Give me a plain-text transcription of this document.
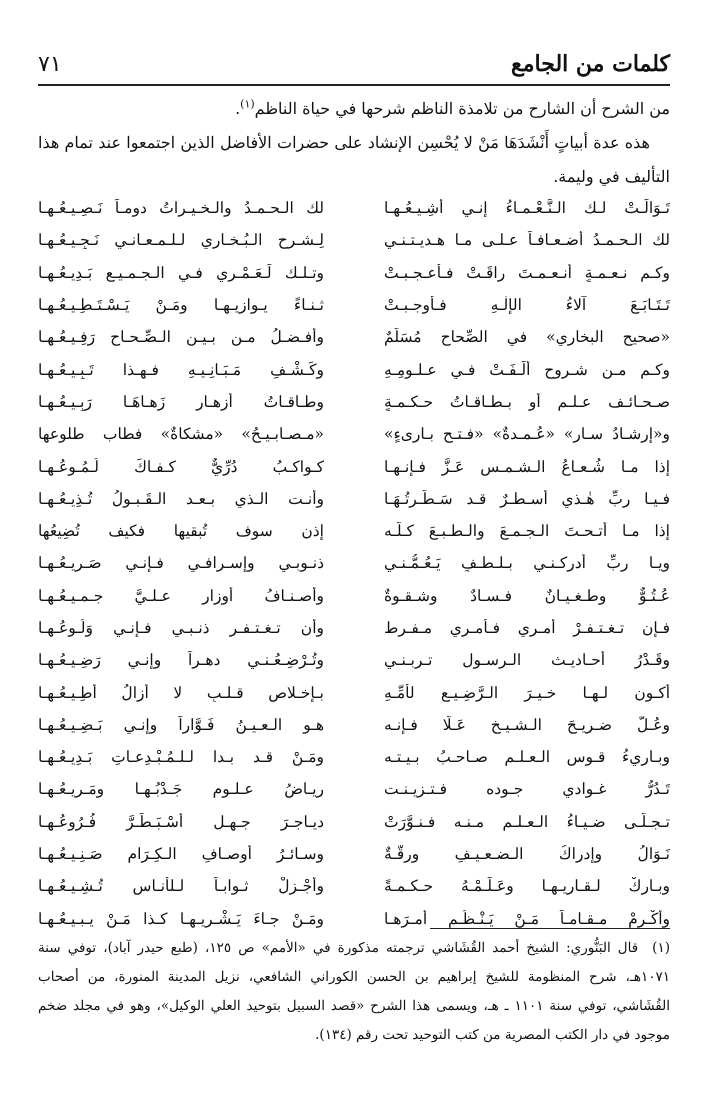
كلمات من الجامع
٧١

من الشرح أن الشارح من تلامذة الناظم شرحها في حياة الناظم$^{(١)}$.

هذه عدة أبياتٍ أَنْشَدَهَا مَنْ لا يُحْسِن الإنشاد على حضرات الأفاضل الذين اجتمعوا عند تمام هذا التأليف في وليمة.

تَـوَالَـتْ لـك الـنَّـعْـمـاءُ إنـي أُشِـيـعُـهـا
لك الـحـمـدُ والـخـيـراتُ دومـاً نَـصِـيـعُـهـا
لك الـحـمـدُ أضـعـافـاً عـلـى مـا هـديـتـنـي
لِـشـرح الـبُـخـاري لـلـمـعـانـي نَـجِـيـعُـهـا
وكـم نـعـمـةٍ أنـعـمـتَ راقَـتْ فـأعـجـبـتْ
وتـلـك لَـعَـمْـرِي فـي الـجـمـيـع بَـدِيـعُـهـا
تَـتَـابَـعَ آلاءُ الإلٰـهِ فـأوجـبـتْ
ثـنـاءً يـوازيـهـا ومَـنْ يَـسْـتَـطِـيـعُـهـا
«صحيح البخاري» في الصِّحاح مُسَلَّمٌ
وأفـضـلُ مـن بـيـن الـصِّـحـاح رَفِـيـعُـهـا
وكـم مـن شـروحٍ أُلِّـفَـتْ فـي عـلـومِـهِ
وكَـشْـفِ مَـبَـانِـيـهِ فـهـذا تَـبِـيـعُـهـا
صـحـائـف عـلـمٍ أو بـطـاقـاتُ حـكـمـةٍ
وطـاقـاتُ أزهـارٍ زَهـاهَـا رَبِـيـعُـهـا
و«إرشـادُ سـارٍ» «عُـمـدةٌ» «فـتـح بـارىءٍ»
«مـصـابـيـحُ» «مشكاةٌ» فطاب طلوعها
إذا مـا شُـعـاعُ الـشـمـس عَـزَّ فـإنـهـا
كـواكـبُ دُرِّيٌّ كـفـاكَ لُـمُـوعُـهـا
فـيـا ربِّ هٰـذي أسـطـرٌ قـد سَـطَّـرتُـهَـا
وأنـت الـذي بـعـد الـقَـبـولُ تُـذِيـعُـهـا
إذا مـا أتـحـتَ الـجـمـعَ والـطـبـعَ كـلَّـه
إذن سوف تُبقيها فكيف تُضِيعُها
ويـا ربِّ أدركـنـي بـلـطـفٍ يَـعُـمُّـنـي
ذنـوبـي وإسـرافـي فـإنـي صَـرِيـعُـهـا
عُـتُـوٌّ وطـغـيـانٌ فـسـادٌ وشـقـوةٌ
وأصـنـافُ أوزارٍ عـلـيَّ جـمـيـعُـهـا
فـإن تـغـتـفـرْ أمـري فـأمـري مـفـرط
وأن تـغـتـفـر ذنـبـي فـإنـي وَلُـوعُـهـا
وقَـدْرُ أحـاديـث الـرسـول تـربـنـي
وتُـرْضِـعُـنـي دهـراً وإنـي رَضِـيـعُـهـا
أكـون لـهـا خـيـرَ الـرَّضِـيـعِ لأُمِّـهِ
بـإخـلاصِ قـلـبٍ لا أزالُ أُطِـيـعُـهـا
وعُـلَّ ضـريـحَ الـشـيـخ عَـلَّا فـإنـه
هـو الـعـيـنُ فَـوَّاراً وإنـي بَـضِـيـعُـهـا
وبـاريءُ قـوسِ الـعـلـم صـاحـبُ بـيـتـه
ومَـنْ قـد بـدا لـلـمُـبْـدِعـاتِ بَـدِيـعُـهـا
تَـدُرُّ غـوادي جـوده فـتـزيـنـت
ريـاضُ عـلـومٍ جَـدْبُـهـا ومَـرِيـعُـهـا
تـجـلَّـى ضـيـاءُ الـعـلـم مـنـه فـنـوَّرَتْ
ديـاجـرَ جـهـلٍ أَسْـبَـطَـرَّ فُـرُوعُـهـا
نَـوَالُ وإدراكُ الـضـعـيـفِ ورِقَّـةٌ
وسـائـرُ أوصـافِ الـكِـرَامِ صَـنِـيـعُـهـا
وبـارِكْ لـقـاريـهـا وعَـلِّـمْـهُ حـكـمـةً
وأَجْـزِلْ ثـوابـاً لـلأنـاسِ تُـشِـيـعُـهـا
وأَكْـرِمْ مـقـامـاً مَـنْ يَـنْـظُـم أمـرَهـا
ومَـنْ جـاءَ يَـشْـرِيـهـا كـذا مَـنْ يـبـيـعُـهـا

(١)قال البَنُّوري: الشيخ أحمد القُشَاشي ترجمته مذكورة في «الأمم» ص ١٢٥، (طبع حيدر آباد)، توفي سنة ١٠٧١هـ، شرح المنظومة للشيخ إبراهيم بن الحسن الكوراني الشافعي، نزيل المدينة المنورة، من أصحاب القُشَاشي، توفي سنة ١١٠١ ـ هـ، ويسمى هذا الشرح «قصد السبيل بتوحيد العلي الوكيل»، وهو في مجلد ضخم موجود في دار الكتب المصرية من كتب التوحيد تحت رقم (١٣٤).
